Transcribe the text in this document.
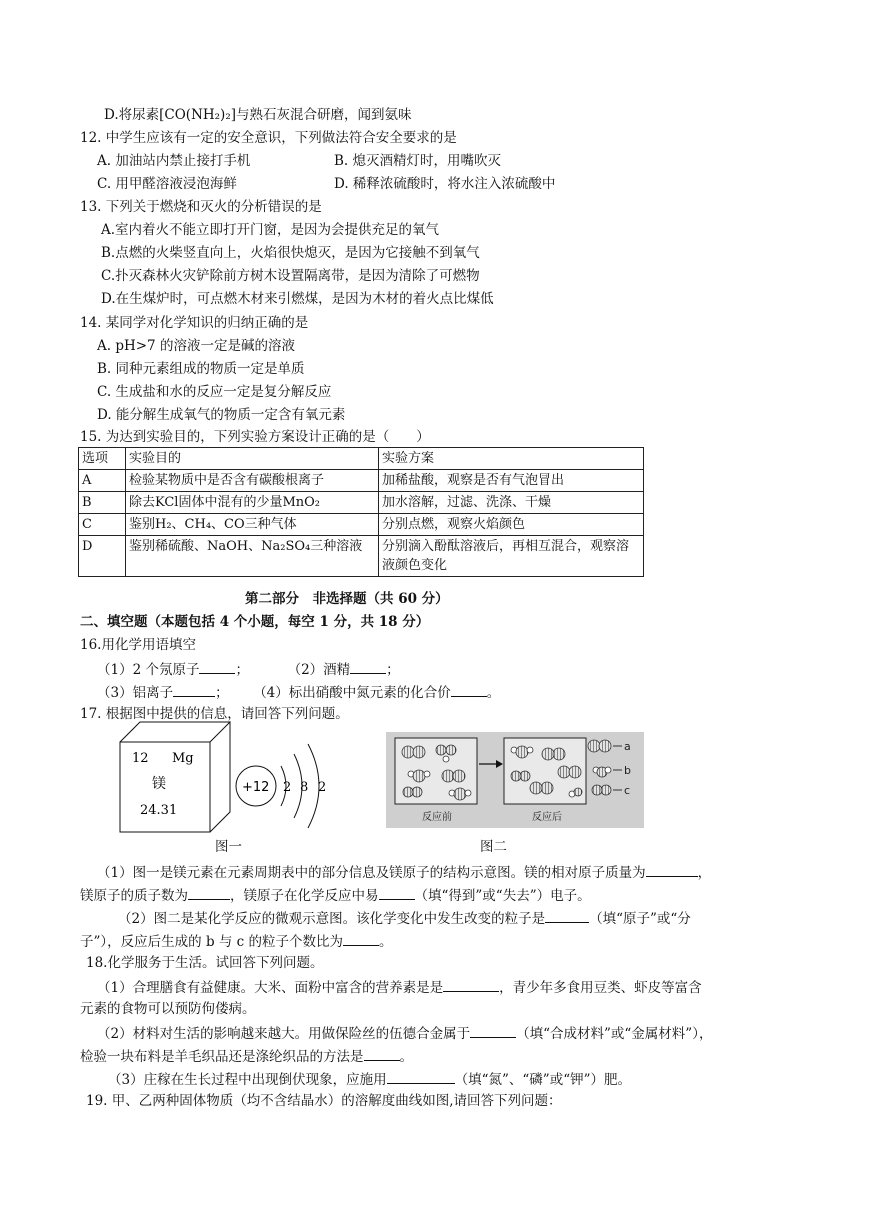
D.将尿素[CO(NH₂)₂]与熟石灰混合研磨，闻到氨味
12. 中学生应该有一定的安全意识，下列做法符合安全要求的是
A. 加油站内禁止接打手机	B. 熄灭酒精灯时，用嘴吹灭
C. 用甲醛溶液浸泡海鲜	D. 稀释浓硫酸时，将水注入浓硫酸中
13. 下列关于燃烧和灭火的分析错误的是
A.室内着火不能立即打开门窗，是因为会提供充足的氧气
B.点燃的火柴竖直向上，火焰很快熄灭，是因为它接触不到氧气
C.扑灭森林火灾铲除前方树木设置隔离带，是因为清除了可燃物
D.在生煤炉时，可点燃木材来引燃煤，是因为木材的着火点比煤低
14. 某同学对化学知识的归纳正确的是
A. pH>7 的溶液一定是碱的溶液
B. 同种元素组成的物质一定是单质
C. 生成盐和水的反应一定是复分解反应
D. 能分解生成氧气的物质一定含有氧元素
15. 为达到实验目的，下列实验方案设计正确的是（　　）
选项	实验目的	实验方案
A	检验某物质中是否含有碳酸根离子	加稀盐酸，观察是否有气泡冒出
B	除去KCl固体中混有的少量MnO₂	加水溶解，过滤、洗涤、干燥
C	鉴别H₂、CH₄、CO三种气体	分别点燃，观察火焰颜色
D	鉴别稀硫酸、NaOH、Na₂SO₄三种溶液	分别滴入酚酞溶液后，再相互混合，观察溶液颜色变化
第二部分　非选择题（共 60 分）
二、填空题（本题包括 4 个小题，每空 1 分，共 18 分）
16.用化学用语填空
（1）2 个氖原子	；	（2）酒精	；
（3）铝离子	； （4）标出硝酸中氮元素的化合价	。
17. 根据图中提供的信息，请回答下列问题。
12 Mg
镁
24.31
+12 2 8 2
a
b
c
反应前	反应后
图一	图二
（1）图一是镁元素在元素周期表中的部分信息及镁原子的结构示意图。镁的相对原子质量为	，
镁原子的质子数为	，镁原子在化学反应中易	（填“得到”或“失去”）电子。
（2）图二是某化学反应的微观示意图。该化学变化中发生改变的粒子是	（填“原子”或“分
子”），反应后生成的 b 与 c 的粒子个数比为	。
18.化学服务于生活。试回答下列问题。
（1）合理膳食有益健康。大米、面粉中富含的营养素是是	，青少年多食用豆类、虾皮等富含
元素的食物可以预防佝偻病。
（2）材料对生活的影响越来越大。用做保险丝的伍德合金属于	（填“合成材料”或“金属材料”），
检验一块布料是羊毛织品还是涤纶织品的方法是	。
（3）庄稼在生长过程中出现倒伏现象，应施用	（填“氮”、“磷”或“钾”）肥。
19. 甲、乙两种固体物质（均不含结晶水）的溶解度曲线如图,请回答下列问题：
